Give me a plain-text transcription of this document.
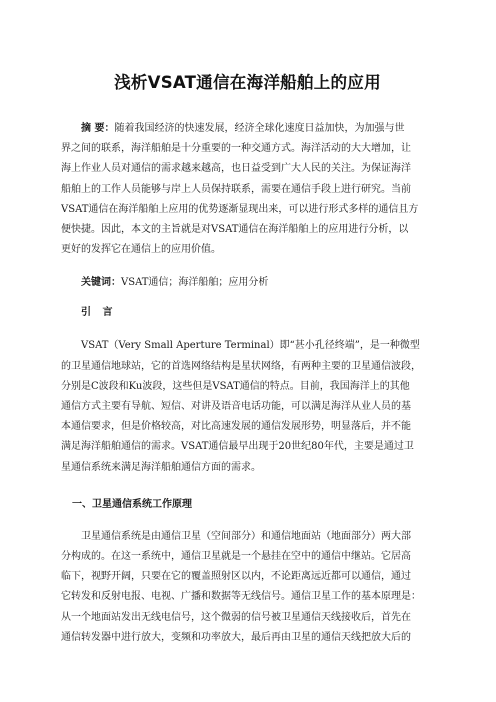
浅析VSAT通信在海洋船舶上的应用
摘 要：随着我国经济的快速发展，经济全球化速度日益加快，为加强与世
界之间的联系，海洋船舶是十分重要的一种交通方式。海洋活动的大大增加，让
海上作业人员对通信的需求越来越高，也日益受到广大人民的关注。为保证海洋
船舶上的工作人员能够与岸上人员保持联系，需要在通信手段上进行研究。当前
VSAT通信在海洋船舶上应用的优势逐渐显现出来，可以进行形式多样的通信且方
便快捷。因此，本文的主旨就是对VSAT通信在海洋船舶上的应用进行分析，以
更好的发挥它在通信上的应用价值。
关键词：VSAT通信；海洋船舶；应用分析
引 言
VSAT（Very Small Aperture Terminal）即“甚小孔径终端”，是一种微型
的卫星通信地球站，它的首选网络结构是星状网络，有两种主要的卫星通信波段，
分别是C波段和Ku波段，这些但是VSAT通信的特点。目前，我国海洋上的其他
通信方式主要有导航、短信、对讲及语音电话功能，可以满足海洋从业人员的基
本通信要求，但是价格较高，对比高速发展的通信发展形势，明显落后，并不能
满足海洋船舶通信的需求。VSAT通信最早出现于20世纪80年代，主要是通过卫
星通信系统来满足海洋船舶通信方面的需求。
一、卫星通信系统工作原理
卫星通信系统是由通信卫星（空间部分）和通信地面站（地面部分）两大部
分构成的。在这一系统中，通信卫星就是一个悬挂在空中的通信中继站。它居高
临下，视野开阔，只要在它的覆盖照射区以内，不论距离远近都可以通信，通过
它转发和反射电报、电视、广播和数据等无线信号。通信卫星工作的基本原理是：
从一个地面站发出无线电信号，这个微弱的信号被卫星通信天线接收后，首先在
通信转发器中进行放大，变频和功率放大，最后再由卫星的通信天线把放大后的
